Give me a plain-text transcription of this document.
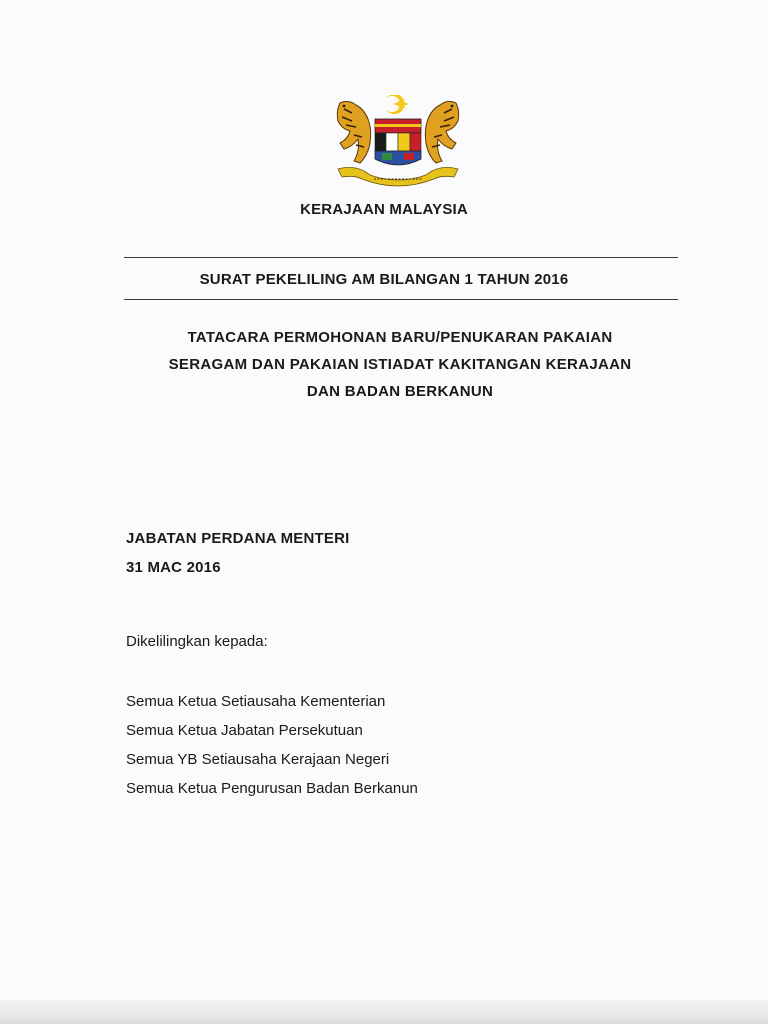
KERAJAAN MALAYSIA
SURAT PEKELILING AM BILANGAN 1 TAHUN 2016
TATACARA PERMOHONAN BARU/PENUKARAN PAKAIAN
SERAGAM DAN PAKAIAN ISTIADAT KAKITANGAN KERAJAAN
DAN BADAN BERKANUN
JABATAN PERDANA MENTERI
31 MAC 2016
Dikelilingkan kepada:
Semua Ketua Setiausaha Kementerian
Semua Ketua Jabatan Persekutuan
Semua YB Setiausaha Kerajaan Negeri
Semua Ketua Pengurusan Badan Berkanun
